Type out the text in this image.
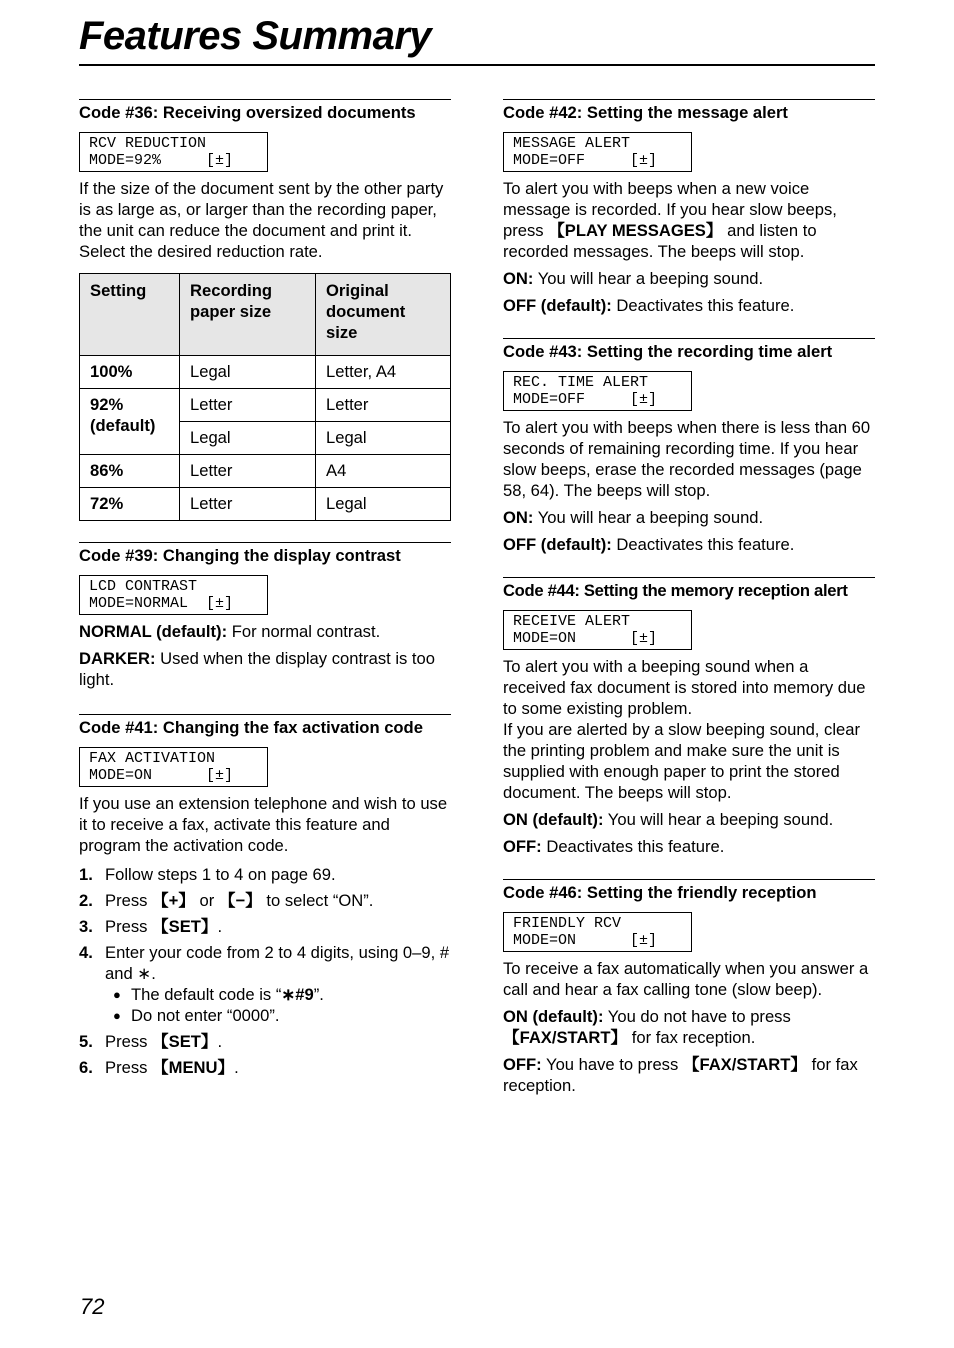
Features Summary
Code #36: Receiving oversized documents
RCV REDUCTION
MODE=92%     [±]

If the size of the document sent by the other party is as large as, or larger than the recording paper, the unit can reduce the document and print it. Select the desired reduction rate.

Setting	Recording paper size	Original document size
100%	Legal	Letter, A4
92% (default)	Letter	Letter
	Legal	Legal
86%	Letter	A4
72%	Letter	Legal
Code #39: Changing the display contrast
LCD CONTRAST
MODE=NORMAL  [±]

NORMAL (default): For normal contrast.

DARKER: Used when the display contrast is too light.

Code #41: Changing the fax activation code
FAX ACTIVATION
MODE=ON      [±]

If you use an extension telephone and wish to use it to receive a fax, activate this feature and program the activation code.

1. Follow steps 1 to 4 on page 69.
2. Press 【+】 or 【−】 to select “ON”.
3. Press 【SET】.
4. Enter your code from 2 to 4 digits, using 0–9, # and ∗.
● The default code is “∗#9”.
● Do not enter “0000”.
5. Press 【SET】.
6. Press 【MENU】.
Code #42: Setting the message alert
MESSAGE ALERT
MODE=OFF     [±]

To alert you with beeps when a new voice message is recorded. If you hear slow beeps, press 【PLAY MESSAGES】 and listen to recorded messages. The beeps will stop.

ON: You will hear a beeping sound.

OFF (default): Deactivates this feature.

Code #43: Setting the recording time alert
REC. TIME ALERT
MODE=OFF     [±]

To alert you with beeps when there is less than 60 seconds of remaining recording time. If you hear slow beeps, erase the recorded messages (page 58, 64). The beeps will stop.

ON: You will hear a beeping sound.

OFF (default): Deactivates this feature.

Code #44: Setting the memory reception alert
RECEIVE ALERT
MODE=ON      [±]

To alert you with a beeping sound when a received fax document is stored into memory due to some existing problem.

If you are alerted by a slow beeping sound, clear the printing problem and make sure the unit is supplied with enough paper to print the stored document. The beeps will stop.

ON (default): You will hear a beeping sound.

OFF: Deactivates this feature.

Code #46: Setting the friendly reception
FRIENDLY RCV
MODE=ON      [±]

To receive a fax automatically when you answer a call and hear a fax calling tone (slow beep).

ON (default): You do not have to press 【FAX/START】 for fax reception.

OFF: You have to press 【FAX/START】 for fax reception.

72
